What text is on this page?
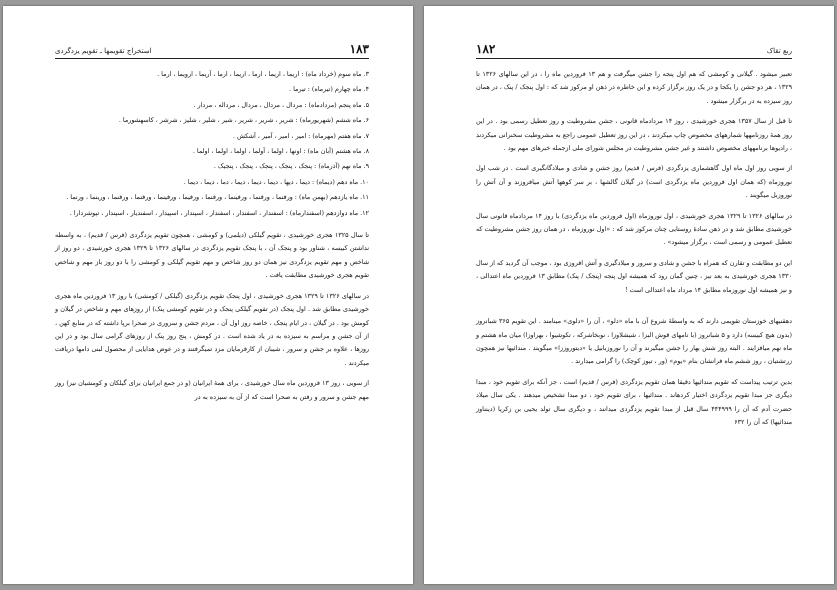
۱۸۳
استخراج تقویمها ـ تقویم یزدگردی

۳. ماه سوم (خرداد ماه) : اریما ، اریما ، ارما ، اریما ، ارما ، آریما ، ارویما ، ارما .

۴. ماه چهارم (تیرماه) : تیرما .

۵. ماه پنجم (مردادماه) : مردال ، مردال ، مردال ، مرداله ، مردار .

۶. ماه ششم (شهریورماه) : شریر ، شریر ، شریر ، شیر ، شلیر ، شلیز ، شرشر ، کاسهشورما .

۷. ماه هفتم (مهرماه) : امیر ، امیر ، آمیر ، آشکش .

۸. ماه هشتم (آبان ماه) : اونها ، اولما ، آولما ، اولما ، اولما ، اولما .

۹. ماه نهم (آذرماه) : پنجک ، پنجک ، پنجک ، پنجک ، پنجیک .

۱۰. ماه دهم (دیماه) : دیما ، دیها ، دیما ، دیما ، دیما ، دما ، دیما ، دیما .

۱۱. ماه یازدهم (بهمن ماه) : ورفنما ، ورفنما ، ورفینما ، ورفنما ، ورفیما ، ورفینما ، ورفنما ، ورفنما ، ورینما ، ورنما .

۱۲. ماه دوازدهم (اسفندارماه) : اسفندار ، اسفندار ، اسفندار ، اسپندار ، اسپیدار ، اسفندیار ، اسپندار ، تپوشردارا .

تا سال ۱۳۲۵ هجری خورشیدی ، تقویم گیلکی (دیلمی) و کومشی ، همچون تقویم یزدگردی (فرس / قدیم) ، به واسطه نداشتن کبیسه ، شناور بود و پنجک آن ، با پنجک تقویم یزدگردی در سالهای ۱۳۲۶ تا ۱۳۲۹ هجری خورشیدی ، دو روز از شاخص و مهم تقویم یزدگردی نیز همان دو روز شاخص و مهم تقویم گیلکی و کومشی را با دو روز باز مهم و شاخص تقویم هجری خورشیدی مطابقت یافت .

در سالهای ۱۳۲۶ تا ۱۳۲۹ هجری خورشیدی ، اول پنجک تقویم یزدگردی (گیلکی / کومشی) با روز ۱۳ فروردین ماه هجری خورشیدی مطابق شد . اول پنجک (در تقویم گیلکی پنجک و در تقویم کومشی پنک) از روزهای مهم و شاخص در گیلان و کومش بود . در گیلان ، در ایام پنجک ، خاصه روز اول آن ، مردم جشن و سروری در صحرا برپا داشته که در منابع کهن ، از آن جشن و مراسم به سیزده به در یاد شده است . در کومش ، پنج روز پنک از روزهای گرامی سال بود و در این روزها ، علاوه بر جشن و سرور ، شیبان از کارفرمایان مزد تمیگرفتند و در عوض هدایایی از محصول لبنی دامها دریافت میکردند .

از سویی ، روز ۱۳ فروردین ماه سال خورشیدی ، برای همهٔ ایرانیان (و در جمع ایرانیان برای گیلکان و کومشیان نیز) روز مهم جشن و سرور و رفتن به صحرا است که از آن به سیزده به در

ربع تقاک
۱۸۲

تعبیر میشود . گیلانی و کومشی که هم اول پنجه را جشن میگرفت و هم ۱۳ فروردین ماه را ، در این سالهای ۱۳۲۶ تا ۱۳۲۹ ، هر دو جشن را یکجا و در یک روز برگزار کرده و این خاطره در ذهن او مرکوز شد که : اول پنجک / پنک ، در همان روز سیزده به در برگزار میشود .

تا قبل از سال ۱۳۵۷ هجری خورشیدی ، روز ۱۴ مردادماه قانونی ، جشن مشروطیت و روز تعطیل رسمی بود . در این روز همهٔ روزنامهها شمارههای مخصوص چاپ میکردند ، در این روز تعطیل عمومی راجع به مشروطیت سخنرانی میکردند ، رادیوها برنامههای مخصوص داشتند و غیر جشن مشروطیت در مجلس شورای ملی ازجمله خبرهای مهم بود .

از سویی روز اول ماه اول گاهشماری یزدگردی (فرس / قدیم) روز جشن و شادی و میلادگانگیری است . در شب اول نوروزماه (که همان اول فروردین ماه یزدگردی است) در گیلان گالشها ، بر سر کوهها آتش میافروزند و آن آتش را نوروزبل میگویند .

در سالهای ۱۳۲۶ تا ۱۳۲۹ هجری خورشیدی ، اول نوروزماه (اول فروردین ماه یزدگردی) با روز ۱۴ مردادماه قانونی سال خورشیدی مطابق شد و در ذهن سادهٔ روستایی چنان مرکوز شد که : «اول نوروزماه ، در همان روز جشن مشروطیت که تعطیل عمومی و رسمی است ، برگزار میشود» .

این دو مطابقت و تقارن که همراه با جشن و شادی و سرور و میلادگیری و آتش افروزی بود ، موجب آن گردید که از سال ۱۳۳۰ هجری خورشیدی به بعد نیز ، چنین گمان رود که همیشه اول پنجه (پنجک / پنک) مطابق ۱۳ فروردین ماه اعتدالی ، و نیز همیشه اول نوروزماه مطابق ۱۴ مرداد ماه اعتدالی است !

دهقنیهای خوزستان تقویمی دارند که به واسطهٔ شروع آن با ماه «دلو» ، آن را «دلوی» مینامند . این تقویم ۳۶۵ شبانروز (بدون هیچ کبیسه) دارد و ۵ شبانروز (با نامهای قوش البزا ، شیشلاوزا ، نوبخاشرکه ، تکوشیوا ، بهراوزا) میان ماه هشتم و ماه نهم میافزایند . البته روز شش بهار را جشن میگیرند و آن را نوروزبابیل یا «دیتوروززا» میگویند . مندائیها نیز همچون زرتشتیان ، روز ششم ماه فرانشان بنام «یوم» (ور ، تیوز کوچک) را گرامی میدارند .

بدین ترتیب پیداست که تقویم مندائیها دقیقا همان تقویم یزدگردی (فرس / قدیم) است ، جز آنکه برای تقویم خود ، مبدا دیگری جز مبدا تقویم یزدگردی اختیار کردهاند . مندائیها ، برای تقویم خود ، دو مبدا تشخیص میدهند . یکی سال میلاد حضرت آدم که آن را ۴۴۴۹۹۹ سال قبل از مبدا تقویم یزدگردی میدانند ، و دیگری سال تولد یحیی بن زکریا (دینناوز مندائیها) که آن را ۶۳۲
